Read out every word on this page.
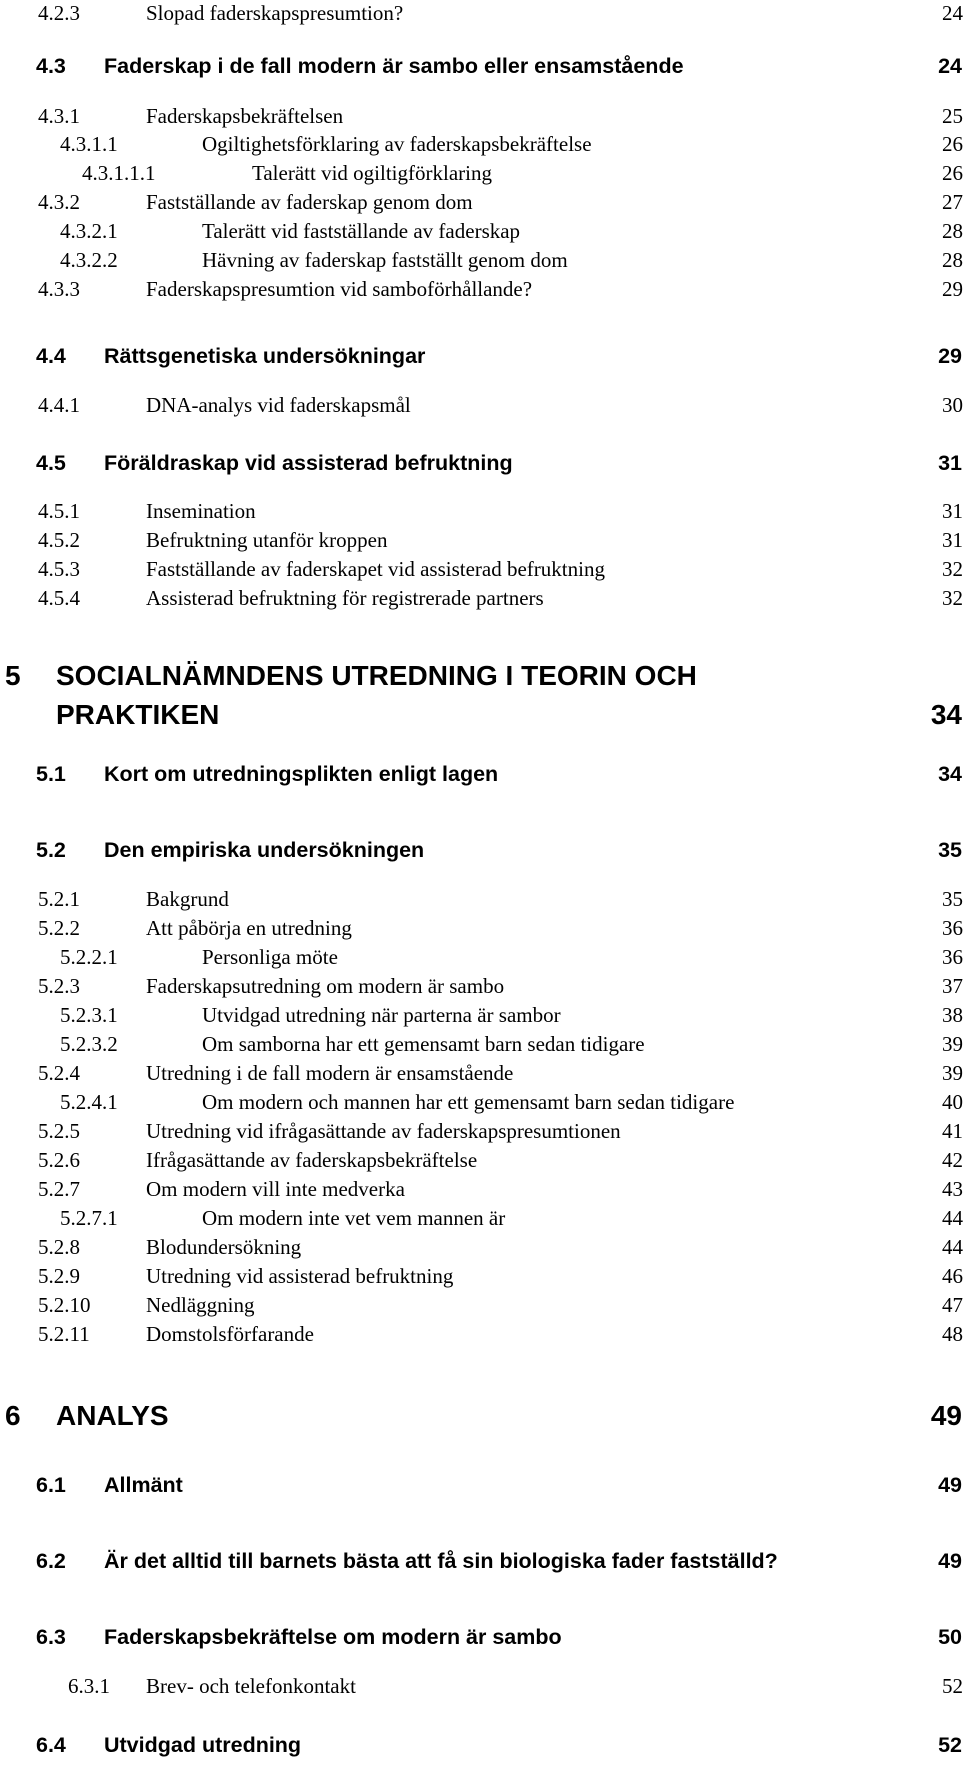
4.2.3	Slopad faderskapspresumtion?	24
4.3 Faderskap i de fall modern är sambo eller ensamstående	24
4.3.1	Faderskapsbekräftelsen	25
4.3.1.1	Ogiltighetsförklaring av faderskapsbekräftelse	26
4.3.1.1.1	Talerätt vid ogiltigförklaring	26
4.3.2	Fastställande av faderskap genom dom	27
4.3.2.1	Talerätt vid fastställande av faderskap	28
4.3.2.2	Hävning av faderskap fastställt genom dom	28
4.3.3	Faderskapspresumtion vid samboförhållande?	29
4.4 Rättsgenetiska undersökningar	29
4.4.1	DNA-analys vid faderskapsmål	30
4.5 Föräldraskap vid assisterad befruktning	31
4.5.1	Insemination	31
4.5.2	Befruktning utanför kroppen	31
4.5.3	Fastställande av faderskapet vid assisterad befruktning	32
4.5.4	Assisterad befruktning för registrerade partners	32
5 SOCIALNÄMNDENS UTREDNING I TEORIN OCH
PRAKTIKEN	34
5.1 Kort om utredningsplikten enligt lagen	34
5.2 Den empiriska undersökningen	35
5.2.1	Bakgrund	35
5.2.2	Att påbörja en utredning	36
5.2.2.1	Personliga möte	36
5.2.3	Faderskapsutredning om modern är sambo	37
5.2.3.1	Utvidgad utredning när parterna är sambor	38
5.2.3.2	Om samborna har ett gemensamt barn sedan tidigare	39
5.2.4	Utredning i de fall modern är ensamstående	39
5.2.4.1	Om modern och mannen har ett gemensamt barn sedan tidigare	40
5.2.5	Utredning vid ifrågasättande av faderskapspresumtionen	41
5.2.6	Ifrågasättande av faderskapsbekräftelse	42
5.2.7	Om modern vill inte medverka	43
5.2.7.1	Om modern inte vet vem mannen är	44
5.2.8	Blodundersökning	44
5.2.9	Utredning vid assisterad befruktning	46
5.2.10	Nedläggning	47
5.2.11	Domstolsförfarande	48
6 ANALYS	49
6.1 Allmänt	49
6.2 Är det alltid till barnets bästa att få sin biologiska fader fastställd?	49
6.3 Faderskapsbekräftelse om modern är sambo	50
6.3.1 Brev- och telefonkontakt	52
6.4 Utvidgad utredning	52
